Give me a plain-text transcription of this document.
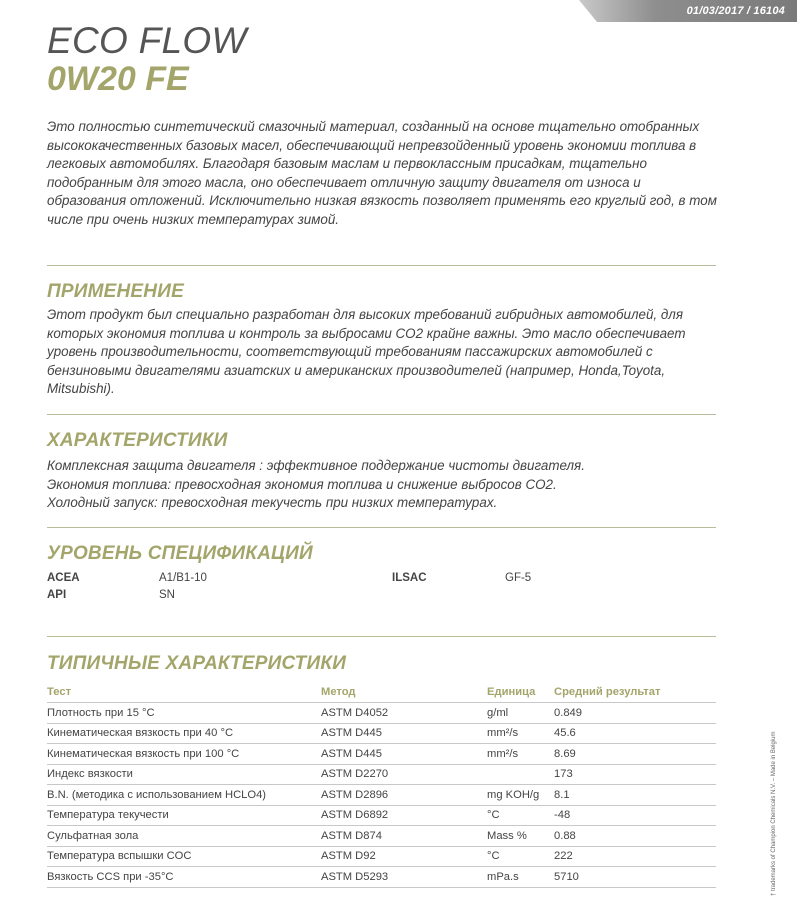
01/03/2017 / 16104
ECO FLOW
0W20 FE
Это полностью синтетический смазочный материал, созданный на основе тщательно отобранных высококачественных базовых масел, обеспечивающий непревзойденный уровень экономии топлива в легковых автомобилях. Благодаря базовым маслам и первоклассным присадкам, тщательно подобранным для этого масла, оно обеспечивает отличную защиту двигателя от износа и образования отложений. Исключительно низкая вязкость позволяет применять его круглый год, в том числе при очень низких температурах зимой.
ПРИМЕНЕНИЕ
Этот продукт был специально разработан для высоких требований гибридных автомобилей, для которых экономия топлива и контроль за выбросами CO2 крайне важны. Это масло обеспечивает уровень производительности, соответствующий требованиям пассажирских автомобилей с бензиновыми двигателями азиатских и американских производителей (например, Honda,Toyota, Mitsubishi).
ХАРАКТЕРИСТИКИ
Комплексная защита двигателя : эффективное поддержание чистоты двигателя.
Экономия топлива: превосходная экономия топлива и снижение выбросов CO2.
Холодный запуск: превосходная текучесть при низких температурах.
УРОВЕНЬ СПЕЦИФИКАЦИЙ
ACEA	A1/B1-10
API	SN
ILSAC	GF-5
ТИПИЧНЫЕ ХАРАКТЕРИСТИКИ
Тест	Метод	Единица	Средний результат
Плотность при 15 °C	ASTM D4052	g/ml	0.849
Кинематическая вязкость при 40 °C	ASTM D445	mm²/s	45.6
Кинематическая вязкость при 100 °C	ASTM D445	mm²/s	8.69
Индекс вязкости	ASTM D2270		173
B.N. (методика с использованием HCLO4)	ASTM D2896	mg KOH/g	8.1
Температура текучести	ASTM D6892	°C	-48
Сульфатная зола	ASTM D874	Mass %	0.88
Температура вспышки COC	ASTM D92	°C	222
Вязкость CCS при -35°C	ASTM D5293	mPa.s	5710	† trademarks of Champion Chemicals N.V. – Made in Belgium
